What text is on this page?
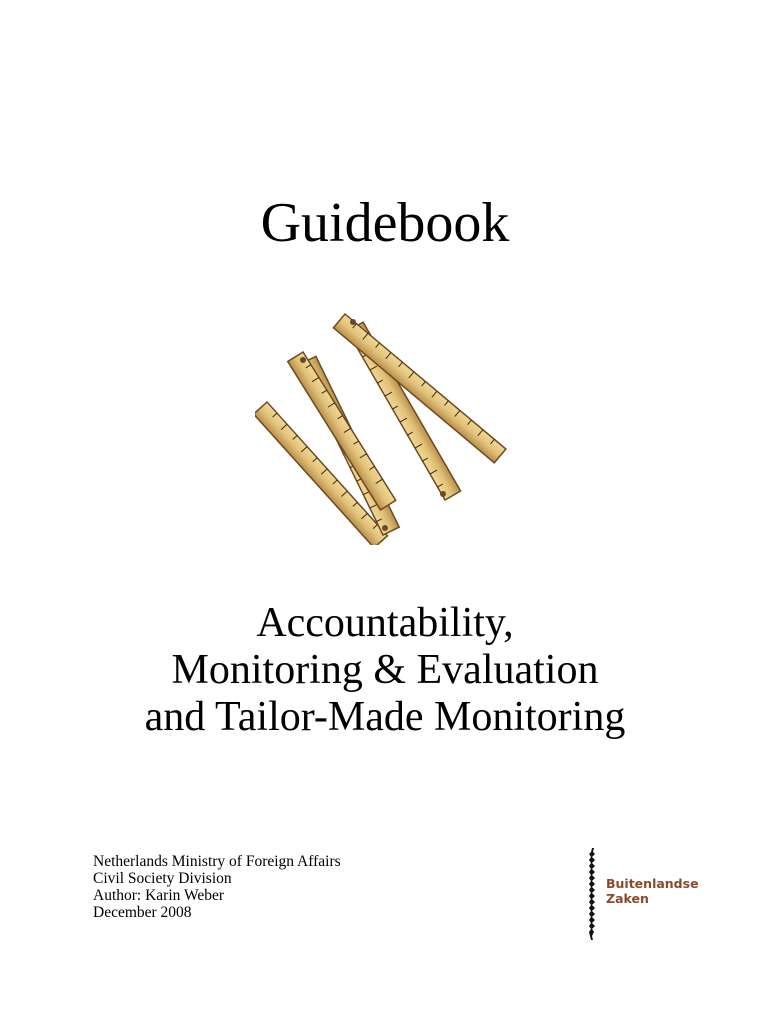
Guidebook
Accountability,
Monitoring & Evaluation
and Tailor-Made Monitoring
Netherlands Ministry of Foreign Affairs
Civil Society Division
Author: Karin Weber
December 2008
Buitenlandse
Zaken
